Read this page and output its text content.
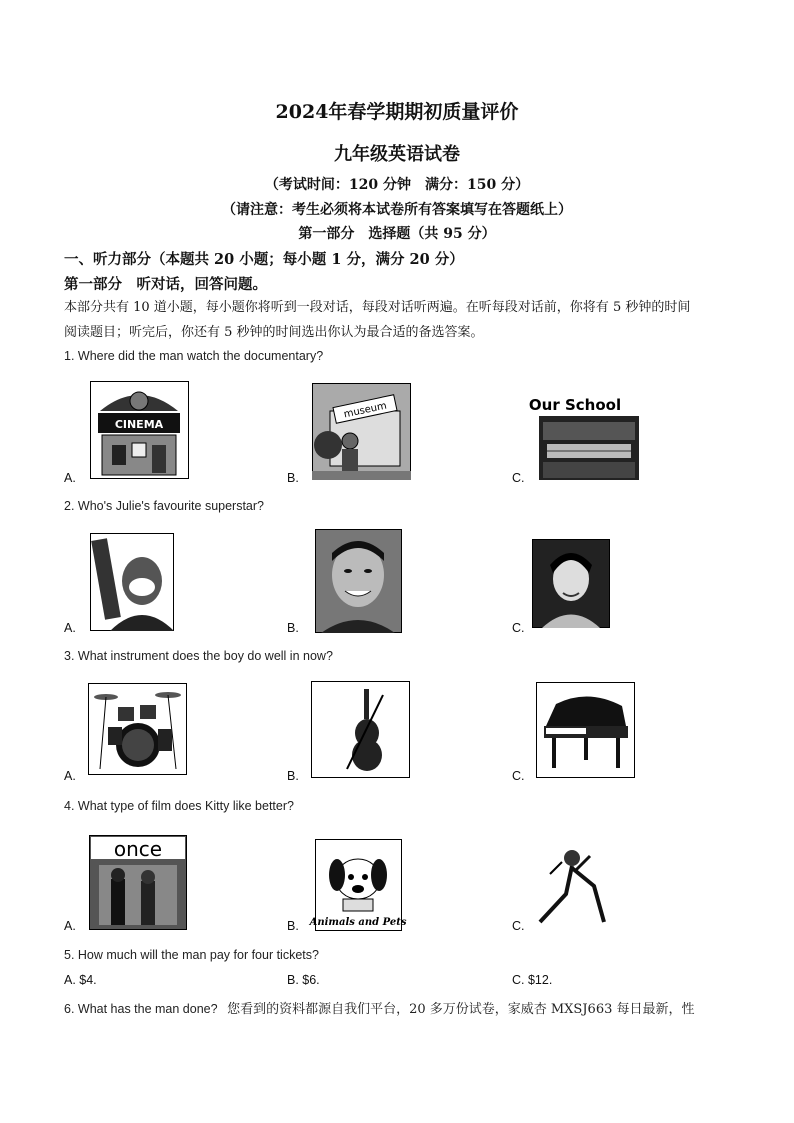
2024年春学期期初质量评价
九年级英语试卷
（考试时间：120 分钟　满分：150 分）
（请注意：考生必须将本试卷所有答案填写在答题纸上）
第一部分　选择题（共 95 分）
一、听力部分（本题共 20 小题；每小题 1 分，满分 20 分）
第一部分　听对话，回答问题。
本部分共有 10 道小题，每小题你将听到一段对话，每段对话听两遍。在听每段对话前，你将有 5 秒钟的时间
阅读题目；听完后，你还有 5 秒钟的时间选出你认为最合适的备选答案。
1. Where did the man watch the documentary?
CINEMA
A.
museum
B.
Our School
C.
2. Who's Julie's favourite superstar?
A.	B.	C.
3. What instrument does the boy do well in now?
A.	B.	C.
4. What type of film does Kitty like better?
once
A.	Animals and Pets
B.	C.
5. How much will the man pay for four tickets?
A. $4.	B. $6.	C. $12.
6. What has the man done? 您看到的资料都源自我们平台，20 多万份试卷，家威杏 MXSJ663 每日最新，性
